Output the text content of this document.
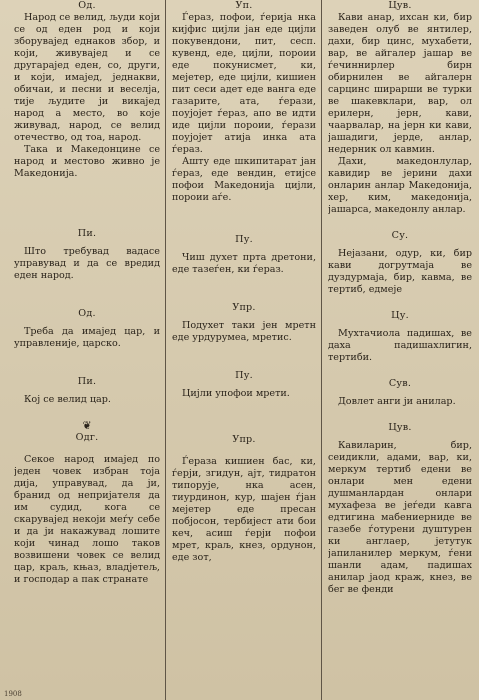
Од.

Народ се велид, људи који се од еден род и који зборувајед еднаков збор, и који, живувајед и се другарајед еден, со, други, и који, имајед, једнакви, обичаи, и песни и веселја, тије људите ји викајед народ а место, во које живувад, народ, се велид отечество, од тоа, народ.

Така и Македонцине се народ и местово живно је Македонија.

Пи.

Што требувад вадасе управувад и да се вредид еден народ.

Од.

Треба да имајед цар, и управленије, царско.

Пи.

Кој се велид цар.

❦

Одг.

Секое народ имајед по једен човек избран тоја дија, управувад, да ји, бранид од непријателя да им судид, кога се скарувајед некоји меѓу себе и да ји накажувад лошите који чинад лошо таков возвишени човек се велид цар, краљ, књаз, владјетељ, и господар а пак странате

Уп.

Ѓераз, пофои, ѓерија нка кијфис цијли јан еде цијли покувендони, пит, сесп. кувенд, еде, цијли, пороии еде покунисмет, ки, мејетер, еде цијли, кишиен пит сеси адет еде ванга еде газарите, ата, ѓерази, поујојет ѓераз, апо ве идти иде цијли пороии, ѓерази поујојет атија инка ата ѓераз.

Ашту еде шкипитарат јан ѓераз, еде вендин, етијсе пофои Македонија цијли, пороии аѓе.

Пу.

Чиш духет прта дретони, еде тазеѓен, ки ѓераз.

Упр.

Подухет таки јен мретн еде урдурумеа, мретис.

Пу.

Цијли упофои мрети.

Упр.

Ѓераза кишиен бас, ки, ѓерји, згидун, ајт, тидратон типорује, нка асен, тиурдинон, кур, шајен ѓјан мејетер еде пресан побјосон, тербијест ати бои кеч, асиш ѓерји пофои мрет, краљ, кнез, ордунон, еде зот,

Цув.

Кави анар, ихсан ки, бир заведен олуб ве янтилер, дахи, бир цинс, мухабети, вар, ве айгалер јашар ве ѓечиннирлер бирн обирнилен ве айгалерн сарцинс ширарши ве турки ве шакевклари, вар, ол ерилерн, јерн, кави, чаарвалар, на јерн ки кави, јашадиги, јерде, анлар, недерник ол кавмин.

Дахи, македонлулар, кавидир ве јерини дахи онларин анлар Македонија, хер, ким, македонија, јашарса, македонлу анлар.

Су.

Нејазани, одур, ки, бир кави догрутмаја ве дуздурмаја, бир, кавма, ве тертиб, едмеје

Цу.

Мухтачиола падишах, ве даха падишахлигин, тертиби.

Сув.

Довлет анги ји анилар.

Цув.

Кавиларин, бир, сеидикли, адами, вар, ки, меркум тертиб едени ве онлари мен едени душманлардан онлари мухафеза ве јеѓеди кавга едтигина мабениерниде ве газебе ѓотурени душтурен ки англаер, јетутук јапиланилер меркум, ѓени шанли адам, падишах анилар јаод краж, кнез, ве бег ве фенди

1908
